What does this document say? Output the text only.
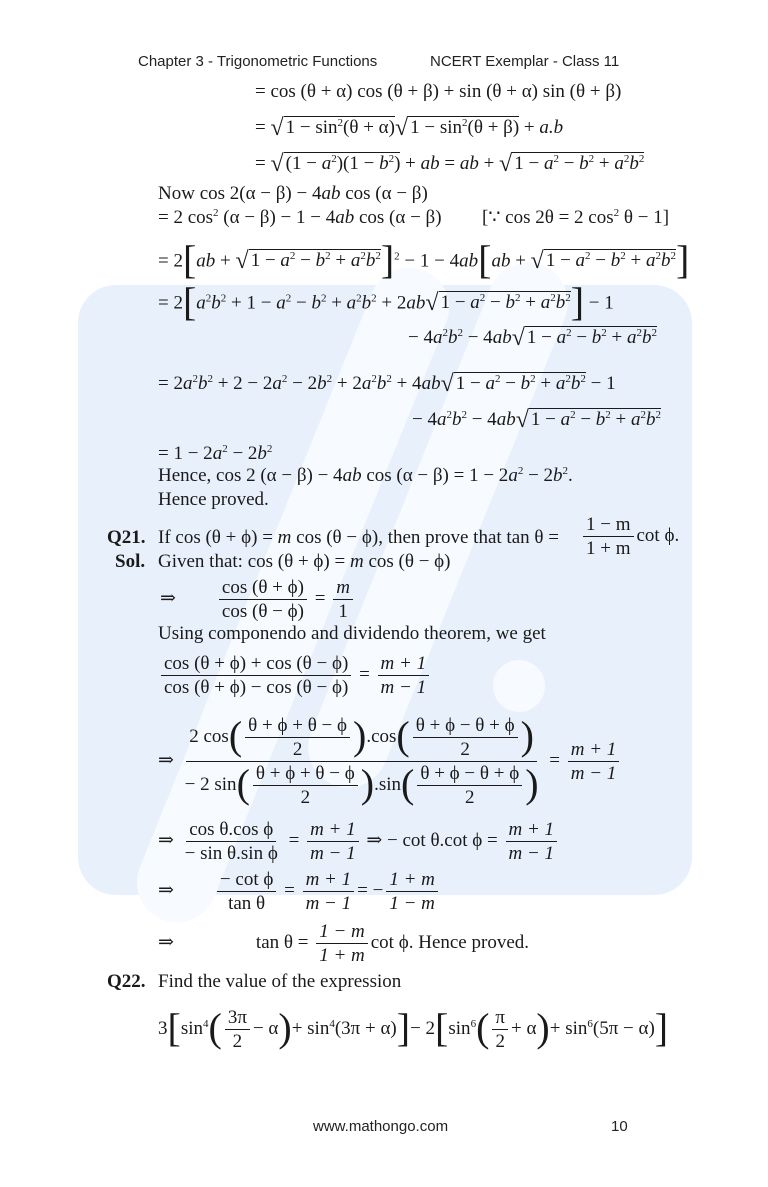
Chapter 3 - Trigonometric Functions	NCERT Exemplar - Class 11
= cos (θ + α) cos (θ + β) + sin (θ + α) sin (θ + β)
= √ $1 - \sin^2(\theta + \alpha)√$ $1 - \sin^2(\theta + \beta) + a.b$
= √ $(1 - a^2)(1 - b^2)$ + ab = ab + √ $1 - a^2 - b^2 + a^2b^2$
Now cos 2(α − β) − 4ab cos (α − β)
= 2 $\cos^2 (\alpha - \beta) - 1 - 4ab$ cos (α − β) [∵ cos 2θ = 2 $\cos^2 \theta - 1$]
= 2[ab + √ $1 - a^2 - b^2 + a^2b^2]^2 - 1 - 4ab[ab$ + √ $1 - a^2 - b^2 + a^2b^2$]
= $2[a^2b^2 + 1 - a^2 - b^2 + a^2b^2 + 2ab√$ $1 - a^2 - b^2 + a^2b^2] - 1$
− $4a^2b^2 - 4ab√$ $1 - a^2 - b^2 + a^2b^2$
= $2a^2b^2 + 2 - 2a^2 - 2b^2 + 2a^2b^2 + 4ab√$ $1 - a^2 - b^2 + a^2b^2 - 1$
− $4a^2b^2 - 4ab√$ $1 - a^2 - b^2 + a^2b^2$
= $1 - 2a^2 - 2b^2$
Hence, cos 2 (α − β) − 4ab $\cos (\alpha - \beta) = 1 - 2a^2 - 2b^2$.
Hence proved.
Q21. If cos (θ + ϕ) = m cos (θ − ϕ), then prove that $\tan \theta = \frac{1 - m}{1 + m}$ cot ϕ.
Sol. Given that: cos (θ + ϕ) = m cos (θ − ϕ)
⇒ $\frac{\cos (\theta + \phi)}{\cos (\theta - \phi)} = \frac{m}{1}$
Using componendo and dividendo theorem, we get
$\frac{\cos (\theta + \phi) + \cos (\theta - \phi)}{\cos (\theta + \phi) - \cos (\theta - \phi)} = \frac{m + 1}{m - 1}$
⇒ $\frac{2 \cos( \frac{\theta + \phi + \theta - \phi}{2} ).\cos( \frac{\theta + \phi - \theta + \phi}{2} )}{- 2 \sin( \frac{\theta + \phi + \theta - \phi}{2} ).\sin( \frac{\theta + \phi - \theta + \phi}{2} )} = \frac{m + 1}{m - 1}$
⇒ $\frac{\text{cos θ.cos ϕ}}{\text{− sin θ.sin ϕ}} = \frac{m + 1}{m - 1}$ ⇒ − cot θ.cot $\phi = \frac{m + 1}{m - 1}$
⇒ $\frac{\text{− cot ϕ}}{\text{tan θ}} = \frac{m + 1}{m - 1}$ = − $\frac{1 + m}{1 - m}$
⇒	$\tan \theta = \frac{1 - m}{1 + m}$ cot ϕ. Hence proved.
Q22. Find the value of the expression
$3[\sin^4( \frac{3\pi}{2} - \alpha)+ \sin^4(3\pi + \alpha)]- 2[\sin^6( \frac{\pi}{2} + \alpha)+ \sin^6(5\pi - \alpha)]$
www.mathongo.com	10
